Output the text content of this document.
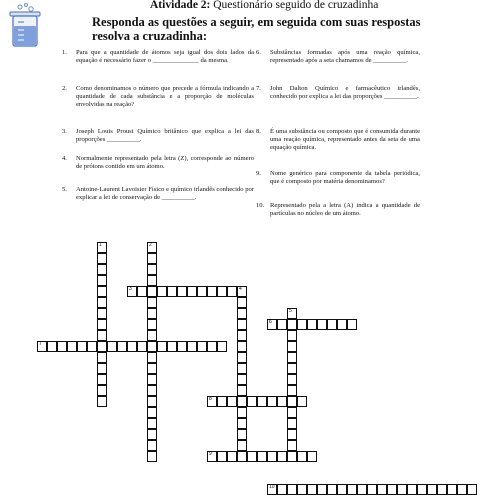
Atividade 2: Questionário seguido de cruzadinha
Responda as questões a seguir, em seguida com suas respostas
resolva a cruzadinha:
1.	Para que a quantidade de átomos seja igual dos dois lados da equação é necessário fazer o ______________ da mesma.
2.	Como denominamos o número que precede a fórmula indicando a quantidade de cada substância e a proporção de moléculas envolvidas na reação?
3.	Joseph Louis Proust Químico britânico que explica a lei das proporções __________.
4.	Normalmente representado pela letra (Z), corresponde ao número de prótons contido em um átomo.
5.	Antoine-Laurent Lavoisier Físico e químico irlandês conhecido por explicar a lei de conservação de __________.
6.	Substâncias formadas após uma reação química, representado após a seta chamamos de __________.
7.	John Dalton Químico e farmacêutico irlandês, conhecido por explica a lei das proporções __________.
8.	É uma substância ou composto que é consumida durante uma reação química, representado antes da seta de uma equação química.
9.	Nome genérico para componente da tabela periódica, que é composto por matéria denominamos?
10. Representado pela a letra (A) indica a quantidade de partículas no núcleo de um átomo.
1	2
3	4
5
6
7
8
9
10
